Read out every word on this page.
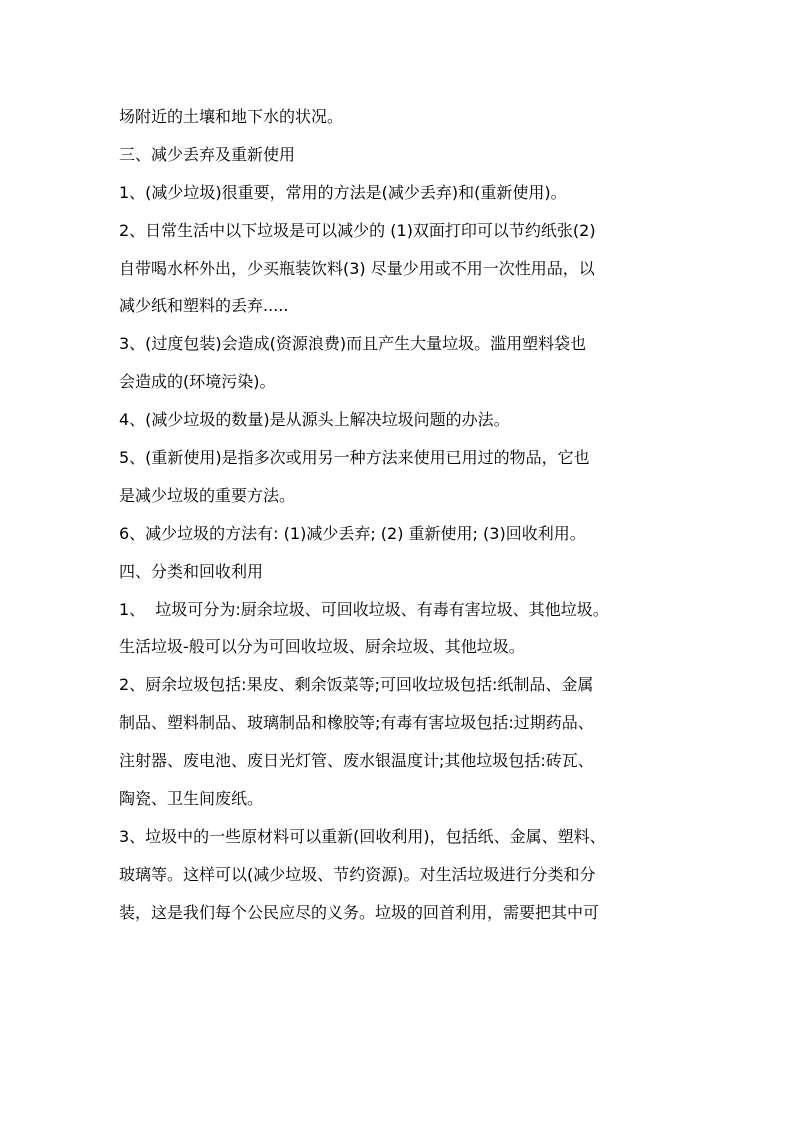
场附近的土壤和地下水的状况。
三、减少丢弃及重新使用
1、(减少垃圾)很重要，常用的方法是(减少丢弃)和(重新使用)。
2、日常生活中以下垃圾是可以减少的 (1)双面打印可以节约纸张(2)
自带喝水杯外出，少买瓶装饮料(3) 尽量少用或不用一次性用品，以
减少纸和塑料的丢弃.....
3、(过度包装)会造成(资源浪费)而且产生大量垃圾。滥用塑料袋也
会造成的(环境污染)。
4、(减少垃圾的数量)是从源头上解决垃圾问题的办法。
5、(重新使用)是指多次或用另一种方法来使用已用过的物品，它也
是减少垃圾的重要方法。
6、减少垃圾的方法有: (1)减少丢弃; (2) 重新使用; (3)回收利用。
四、分类和回收利用
1、  垃圾可分为:厨余垃圾、可回收垃圾、有毒有害垃圾、其他垃圾。
生活垃圾-般可以分为可回收垃圾、厨余垃圾、其他垃圾。
2、厨余垃圾包括:果皮、剩余饭菜等;可回收垃圾包括:纸制品、金属
制品、塑料制品、玻璃制品和橡胶等;有毒有害垃圾包括:过期药品、
注射器、废电池、废日光灯管、废水银温度计;其他垃圾包括:砖瓦、
陶瓷、卫生间废纸。
3、垃圾中的一些原材料可以重新(回收利用)，包括纸、金属、塑料、
玻璃等。这样可以(减少垃圾、节约资源)。对生活垃圾进行分类和分
装，这是我们每个公民应尽的义务。垃圾的回首利用，需要把其中可
